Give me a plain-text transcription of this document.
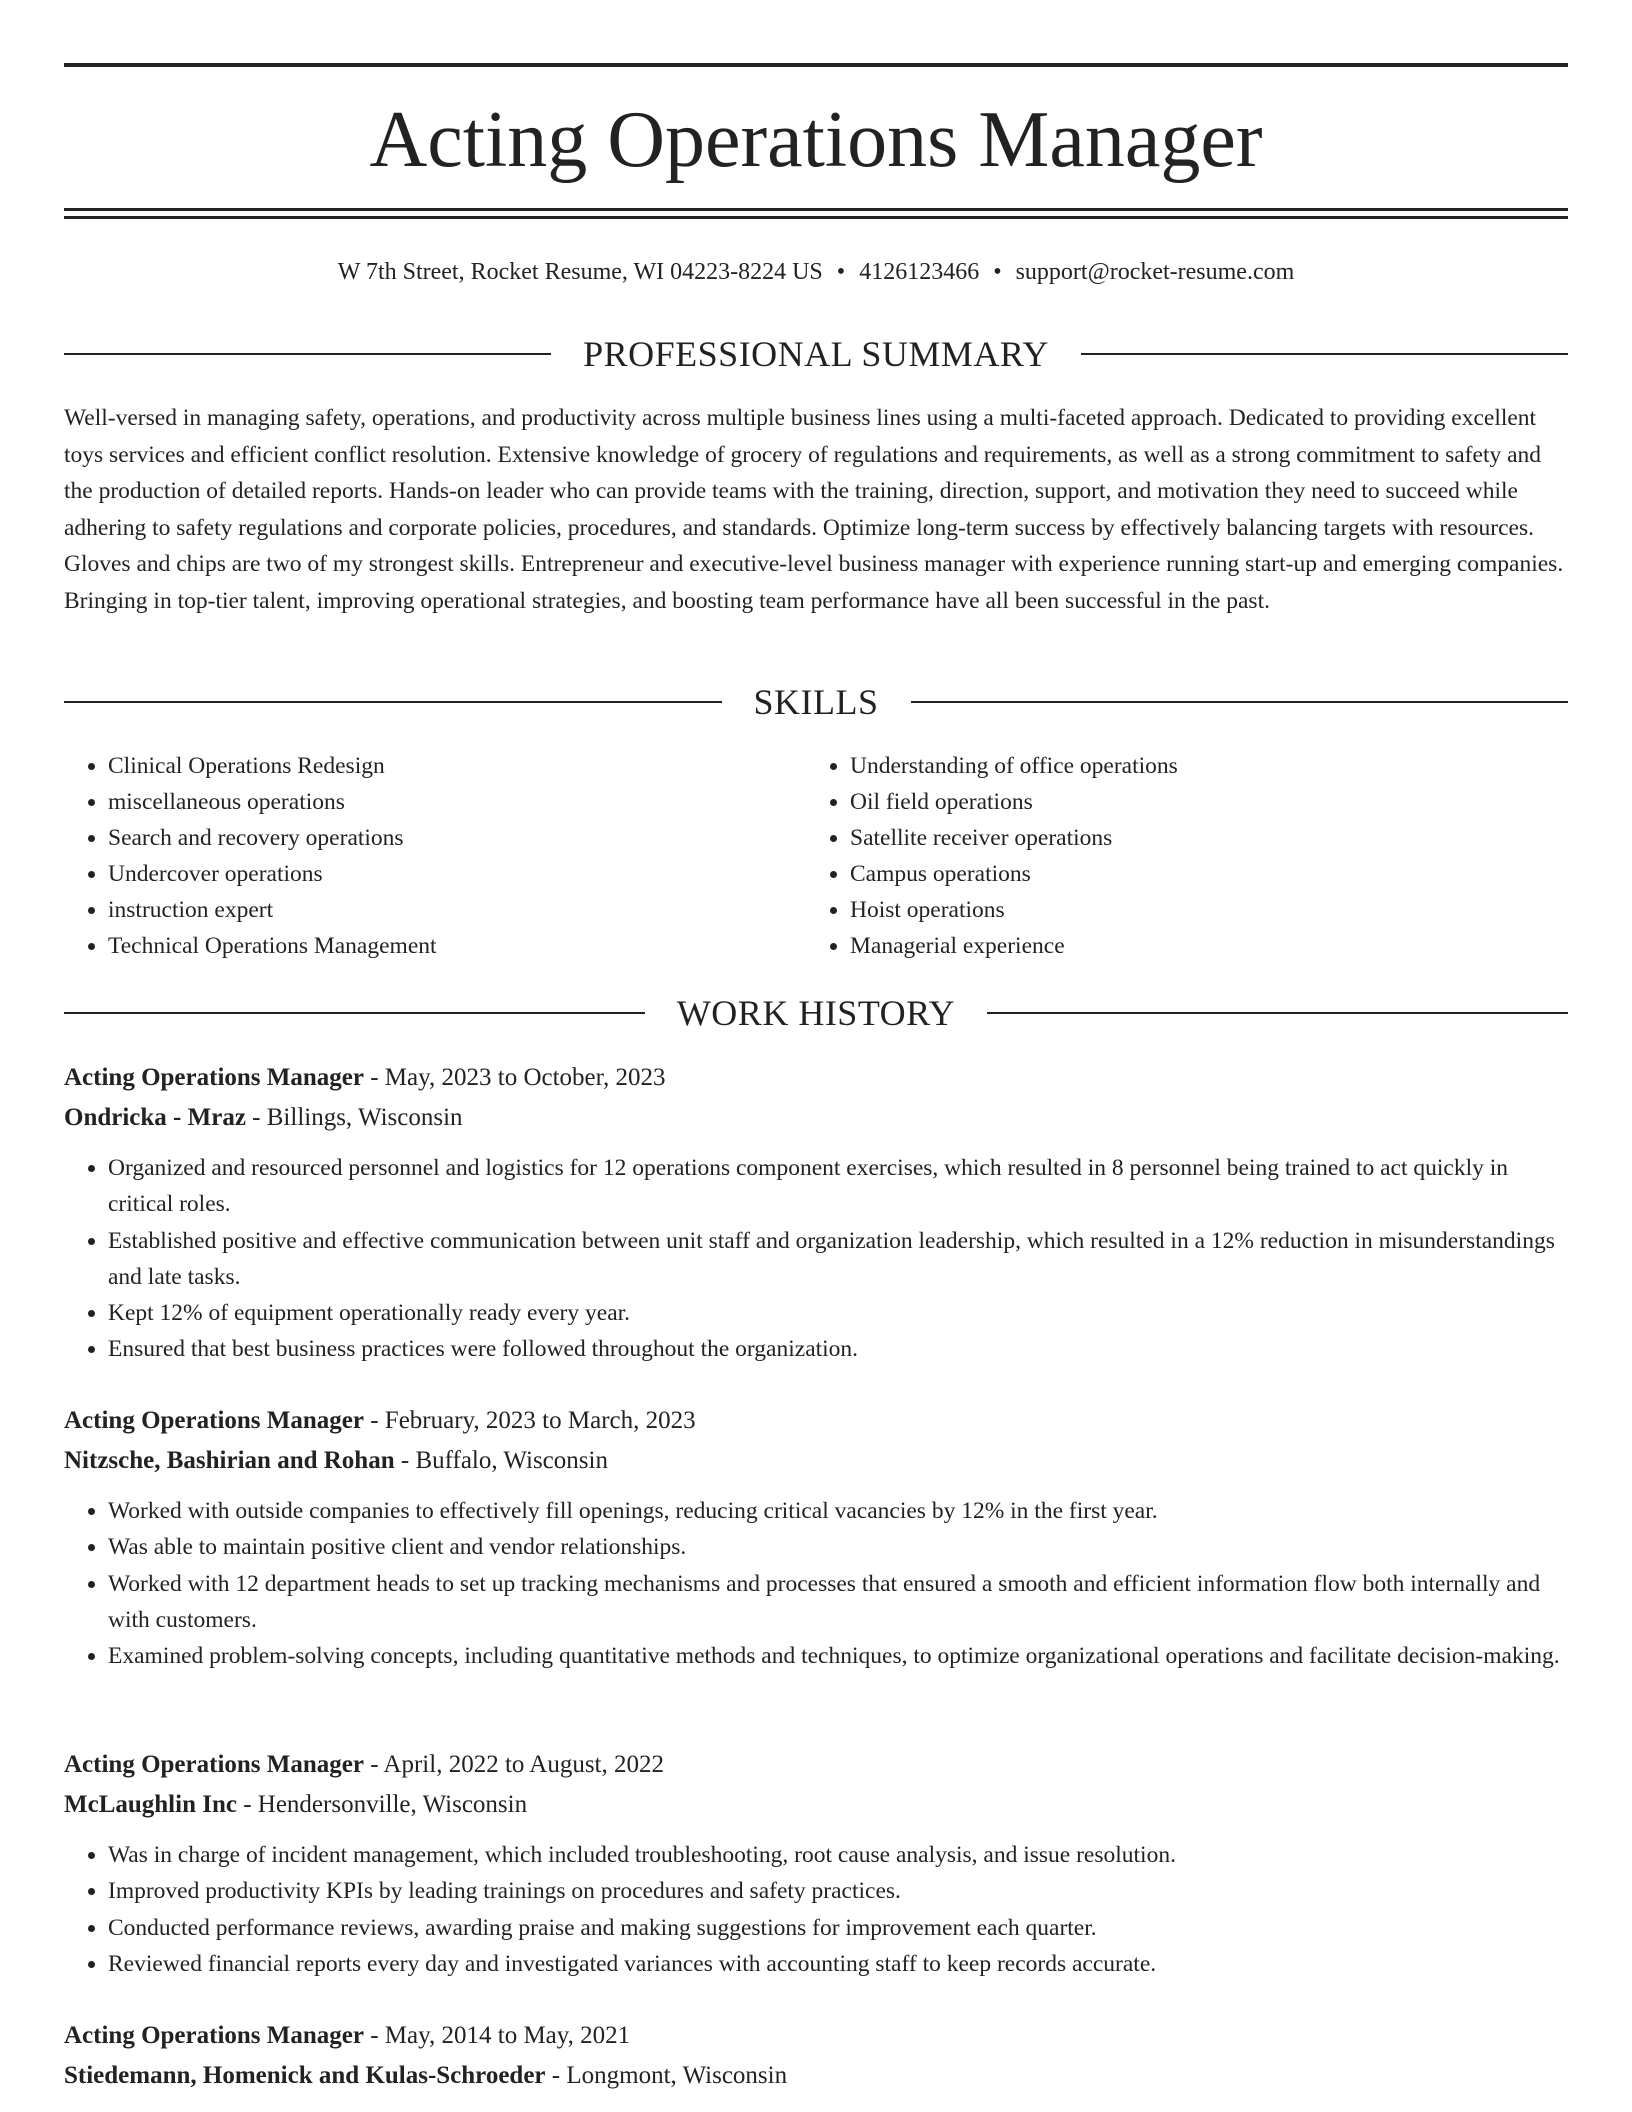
Acting Operations Manager
W 7th Street, Rocket Resume, WI 04223-8224 US • 4126123466 • support@rocket-resume.com
PROFESSIONAL SUMMARY

Well-versed in managing safety, operations, and productivity across multiple business lines using a multi-faceted approach. Dedicated to providing excellent toys services and efficient conflict resolution. Extensive knowledge of grocery of regulations and requirements, as well as a strong commitment to safety and the production of detailed reports. Hands-on leader who can provide teams with the training, direction, support, and motivation they need to succeed while adhering to safety regulations and corporate policies, procedures, and standards. Optimize long-term success by effectively balancing targets with resources. Gloves and chips are two of my strongest skills. Entrepreneur and executive-level business manager with experience running start-up and emerging companies. Bringing in top-tier talent, improving operational strategies, and boosting team performance have all been successful in the past.

SKILLS
• Clinical Operations Redesign
• miscellaneous operations
• Search and recovery operations
• Undercover operations
• instruction expert
• Technical Operations Management
• Understanding of office operations
• Oil field operations
• Satellite receiver operations
• Campus operations
• Hoist operations
• Managerial experience
WORK HISTORY
Acting Operations Manager - May, 2023 to October, 2023
Ondricka - Mraz - Billings, Wisconsin
• Organized and resourced personnel and logistics for 12 operations component exercises, which resulted in 8 personnel being trained to act quickly in critical roles.
• Established positive and effective communication between unit staff and organization leadership, which resulted in a 12% reduction in misunderstandings and late tasks.
• Kept 12% of equipment operationally ready every year.
• Ensured that best business practices were followed throughout the organization.
Acting Operations Manager - February, 2023 to March, 2023
Nitzsche, Bashirian and Rohan - Buffalo, Wisconsin
• Worked with outside companies to effectively fill openings, reducing critical vacancies by 12% in the first year.
• Was able to maintain positive client and vendor relationships.
• Worked with 12 department heads to set up tracking mechanisms and processes that ensured a smooth and efficient information flow both internally and with customers.
• Examined problem-solving concepts, including quantitative methods and techniques, to optimize organizational operations and facilitate decision-making.
Acting Operations Manager - April, 2022 to August, 2022
McLaughlin Inc - Hendersonville, Wisconsin
• Was in charge of incident management, which included troubleshooting, root cause analysis, and issue resolution.
• Improved productivity KPIs by leading trainings on procedures and safety practices.
• Conducted performance reviews, awarding praise and making suggestions for improvement each quarter.
• Reviewed financial reports every day and investigated variances with accounting staff to keep records accurate.
Acting Operations Manager - May, 2014 to May, 2021
Stiedemann, Homenick and Kulas-Schroeder - Longmont, Wisconsin
